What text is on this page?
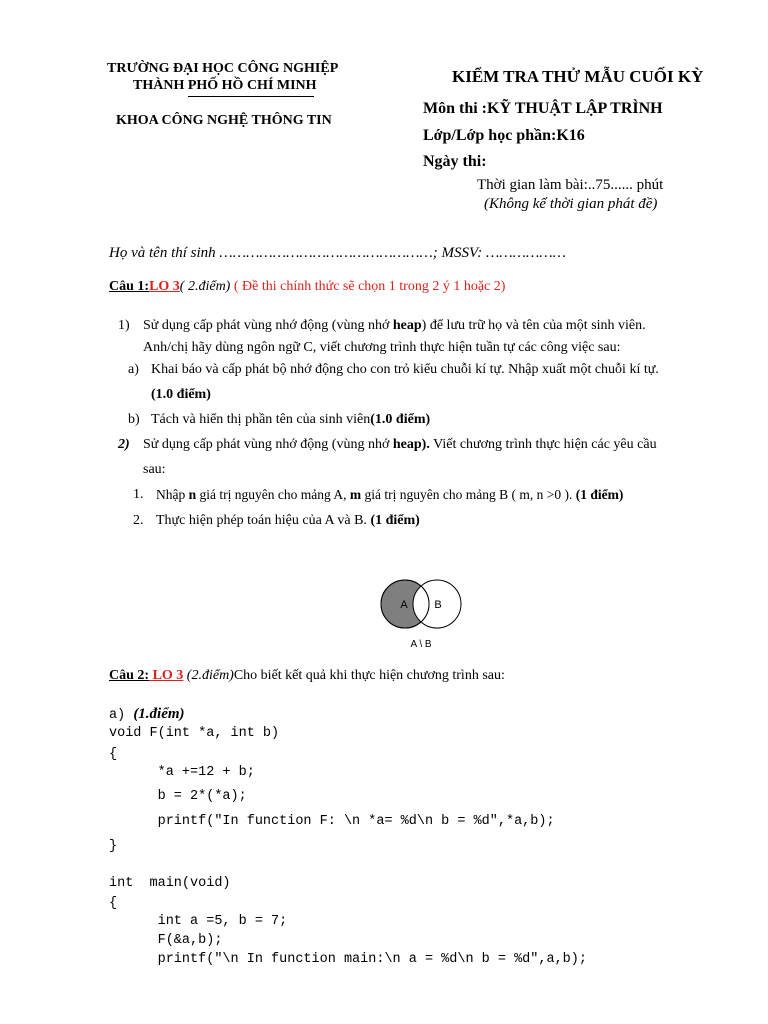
TRƯỜNG ĐẠI HỌC CÔNG NGHIỆP
THÀNH PHỐ HỒ CHÍ MINH
KHOA CÔNG NGHỆ THÔNG TIN
KIỂM TRA THỬ MẪU CUỐI KỲ
Môn thi :KỸ THUẬT LẬP TRÌNH
Lớp/Lớp học phần:K16
Ngày thi:
Thời gian làm bài:..75...... phút
(Không kể thời gian phát đề)
Họ và tên thí sinh …………………………………………; MSSV: ………………
Câu 1:LO 3( 2.điểm) ( Đề thi chính thức sẽ chọn 1 trong 2 ý 1 hoặc 2)
1) Sử dụng cấp phát vùng nhớ động (vùng nhớ heap) để lưu trữ họ và tên của một sinh viên.
Anh/chị hãy dùng ngôn ngữ C, viết chương trình thực hiện tuần tự các công việc sau:
a) Khai báo và cấp phát bộ nhớ động cho con trỏ kiểu chuỗi kí tự. Nhập xuất một chuỗi kí tự.
(1.0 điểm)
b) Tách và hiển thị phần tên của sinh viên(1.0 điểm)
2) Sử dụng cấp phát vùng nhớ động (vùng nhớ heap). Viết chương trình thực hiện các yêu cầu
sau:
1. Nhập n giá trị nguyên cho mảng A, m giá trị nguyên cho mảng B ( m, n >0 ). (1 điểm)
2. Thực hiện phép toán hiệu của A và B. (1 điểm)
A B
A \ B
Câu 2: LO 3 (2.điểm)Cho biết kết quả khi thực hiện chương trình sau:
a) (1.điểm)
void F(int *a, int b)
{
*a +=12 + b;
b = 2*(*a);
printf("In function F: \n *a= %d\n b = %d",*a,b);
}
int  main(void)
{
int a =5, b = 7;
F(&a,b);
printf("\n In function main:\n a = %d\n b = %d",a,b);
